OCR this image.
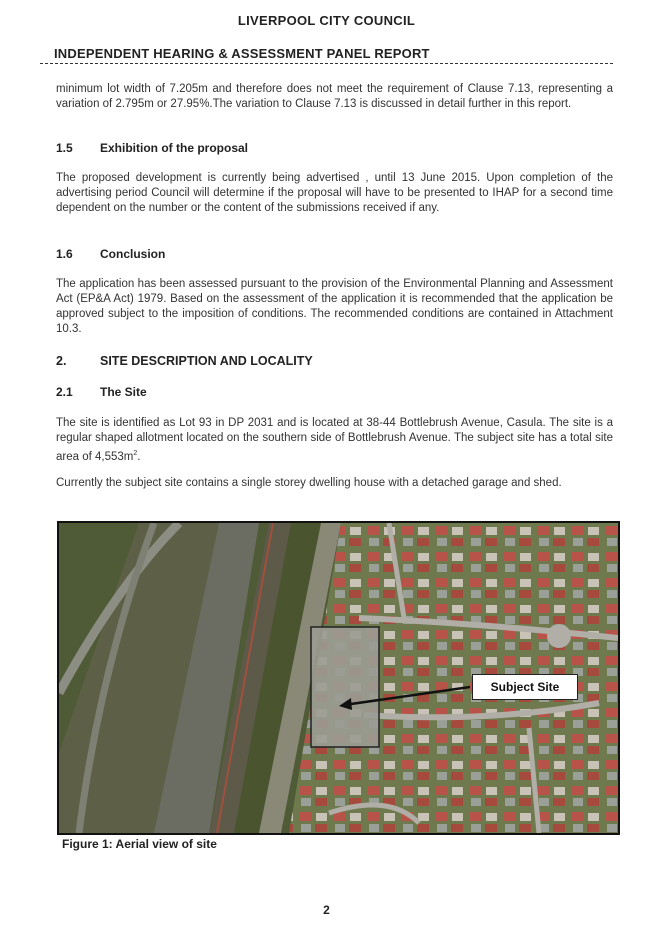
LIVERPOOL CITY COUNCIL
INDEPENDENT HEARING & ASSESSMENT PANEL REPORT
minimum lot width of 7.205m and therefore does not meet the requirement of Clause 7.13, representing a variation of 2.795m or 27.95%.The variation to Clause 7.13 is discussed in detail further in this report.
1.5 Exhibition of the proposal
The proposed development is currently being advertised , until 13 June 2015. Upon completion of the advertising period Council will determine if the proposal will have to be presented to IHAP for a second time dependent on the number or the content of the submissions received if any.
1.6 Conclusion
The application has been assessed pursuant to the provision of the Environmental Planning and Assessment Act (EP&A Act) 1979. Based on the assessment of the application it is recommended that the application be approved subject to the imposition of conditions. The recommended conditions are contained in Attachment 10.3.
2.	SITE DESCRIPTION AND LOCALITY
2.1 The Site
The site is identified as Lot 93 in DP 2031 and is located at 38-44 Bottlebrush Avenue, Casula. The site is a regular shaped allotment located on the southern side of Bottlebrush Avenue. The subject site has a total site area of $4,553m^2$.
Currently the subject site contains a single storey dwelling house with a detached garage and shed.
Subject Site
Figure 1: Aerial view of site
2
